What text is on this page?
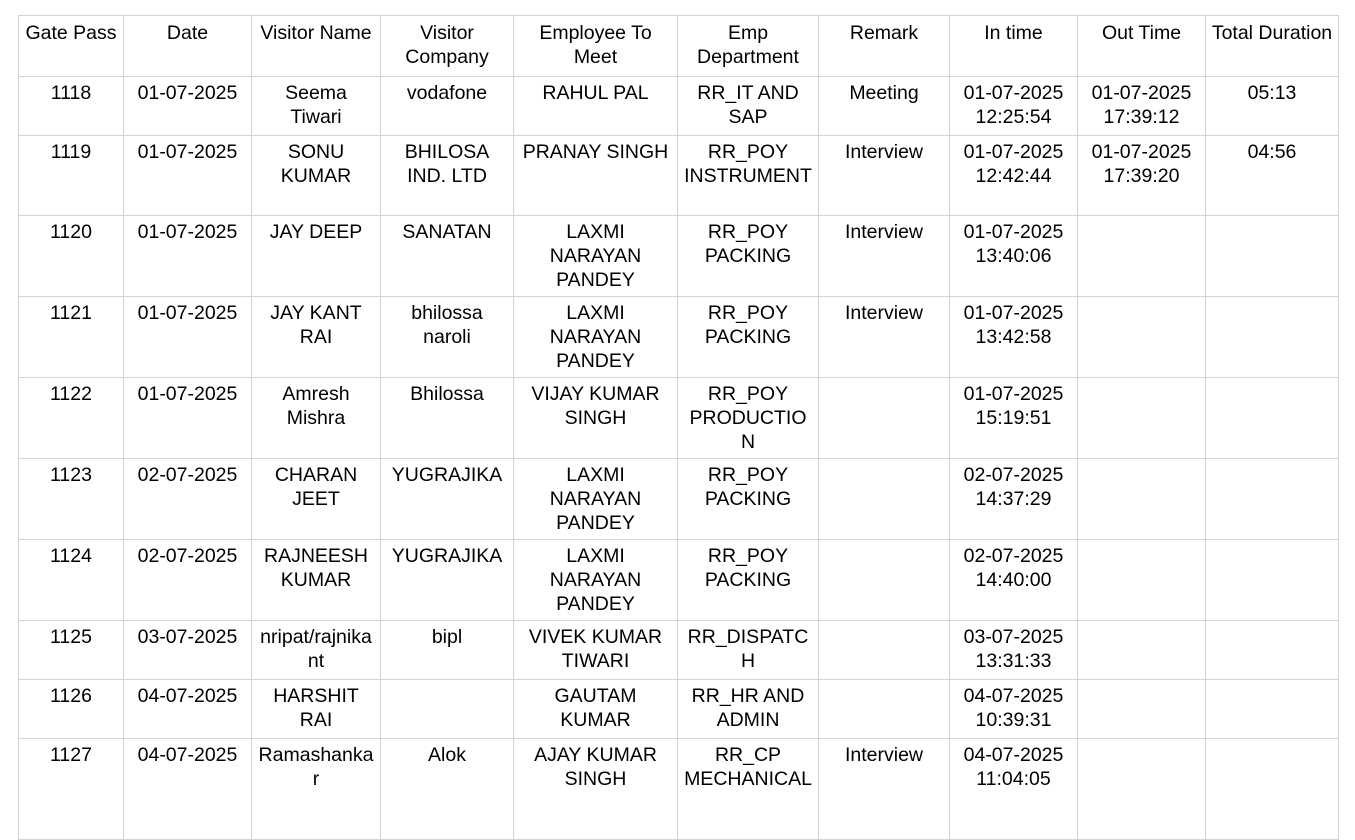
Gate Pass	Date	Visitor Name	Visitor Company	Employee To Meet	Emp Department	Remark	In time	Out Time	Total Duration
1118	01-07-2025	Seema Tiwari	vodafone	RAHUL PAL	RR_IT AND SAP	Meeting	01-07-2025 12:25:54	01-07-2025 17:39:12	05:13
1119	01-07-2025	SONU KUMAR	BHILOSA IND. LTD	PRANAY SINGH	RR_POY INSTRUMENT	Interview	01-07-2025 12:42:44	01-07-2025 17:39:20	04:56
1120	01-07-2025	JAY DEEP	SANATAN	LAXMI NARAYAN PANDEY	RR_POY PACKING	Interview	01-07-2025 13:40:06		
1121	01-07-2025	JAY KANT RAI	bhilossa naroli	LAXMI NARAYAN PANDEY	RR_POY PACKING	Interview	01-07-2025 13:42:58		
1122	01-07-2025	Amresh Mishra	Bhilossa	VIJAY KUMAR SINGH	RR_POY PRODUCTION		01-07-2025 15:19:51		
1123	02-07-2025	CHARAN JEET	YUGRAJIKA	LAXMI NARAYAN PANDEY	RR_POY PACKING		02-07-2025 14:37:29		
1124	02-07-2025	RAJNEESH KUMAR	YUGRAJIKA	LAXMI NARAYAN PANDEY	RR_POY PACKING		02-07-2025 14:40:00		
1125	03-07-2025	nripat/rajnikant	bipl	VIVEK KUMAR TIWARI	RR_DISPATCH		03-07-2025 13:31:33		
1126	04-07-2025	HARSHIT RAI		GAUTAM KUMAR	RR_HR AND ADMIN		04-07-2025 10:39:31		
1127	04-07-2025	Ramashankar	Alok	AJAY KUMAR SINGH	RR_CP MECHANICAL	Interview	04-07-2025 11:04:05		
